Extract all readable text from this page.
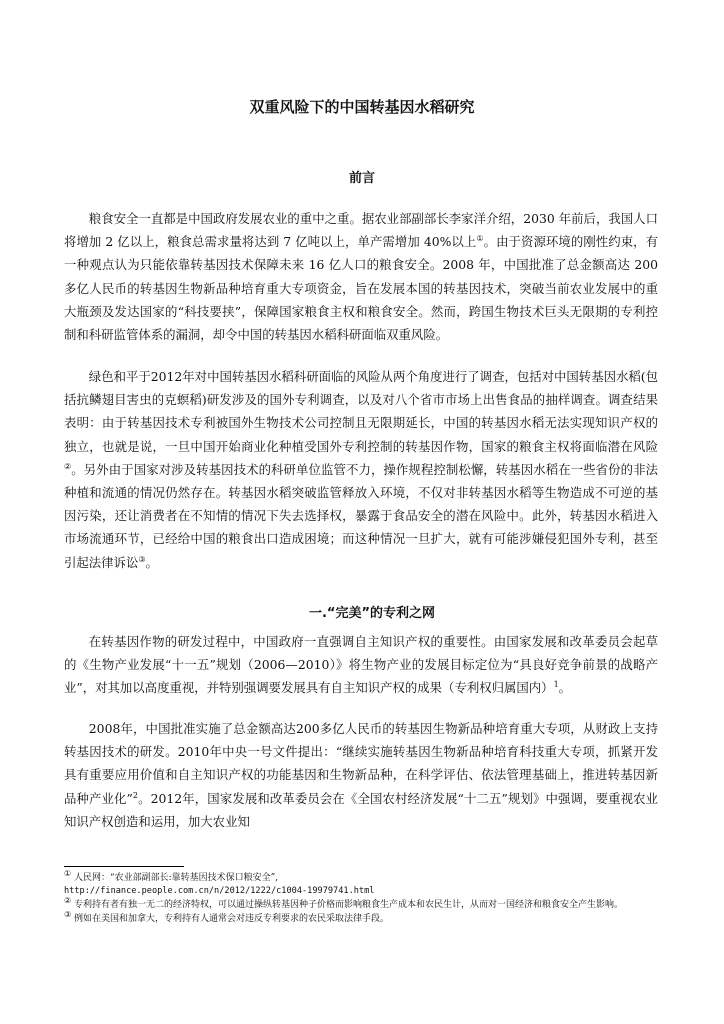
双重风险下的中国转基因水稻研究
前言

粮食安全一直都是中国政府发展农业的重中之重。据农业部副部长李家洋介绍，2030 年前后，我国人口将增加 2 亿以上，粮食总需求量将达到 7 亿吨以上，单产需增加 40%以上①。由于资源环境的刚性约束，有一种观点认为只能依靠转基因技术保障未来 16 亿人口的粮食安全。2008 年，中国批准了总金额高达 200 多亿人民币的转基因生物新品种培育重大专项资金，旨在发展本国的转基因技术，突破当前农业发展中的重大瓶颈及发达国家的“科技要挟”，保障国家粮食主权和粮食安全。然而，跨国生物技术巨头无限期的专利控制和科研监管体系的漏洞，却令中国的转基因水稻科研面临双重风险。

绿色和平于2012年对中国转基因水稻科研面临的风险从两个角度进行了调查，包括对中国转基因水稻(包括抗鳞翅目害虫的克螟稻)研发涉及的国外专利调查，以及对八个省市市场上出售食品的抽样调查。调查结果表明：由于转基因技术专利被国外生物技术公司控制且无限期延长，中国的转基因水稻无法实现知识产权的独立，也就是说，一旦中国开始商业化种植受国外专利控制的转基因作物，国家的粮食主权将面临潜在风险②。另外由于国家对涉及转基因技术的科研单位监管不力，操作规程控制松懈，转基因水稻在一些省份的非法种植和流通的情况仍然存在。转基因水稻突破监管释放入环境，不仅对非转基因水稻等生物造成不可逆的基因污染，还让消费者在不知情的情况下失去选择权，暴露于食品安全的潜在风险中。此外，转基因水稻进入市场流通环节，已经给中国的粮食出口造成困境；而这种情况一旦扩大，就有可能涉嫌侵犯国外专利，甚至引起法律诉讼③。

一.“完美”的专利之网

在转基因作物的研发过程中，中国政府一直强调自主知识产权的重要性。由国家发展和改革委员会起草的《生物产业发展“十一五”规划（2006—2010）》将生物产业的发展目标定位为“具良好竞争前景的战略产业”，对其加以高度重视，并特别强调要发展具有自主知识产权的成果（专利权归属国内）$^1$。

2008年，中国批准实施了总金额高达200多亿人民币的转基因生物新品种培育重大专项，从财政上支持转基因技术的研发。2010年中央一号文件提出：“继续实施转基因生物新品种培育科技重大专项，抓紧开发具有重要应用价值和自主知识产权的功能基因和生物新品种，在科学评估、依法管理基础上，推进转基因新品种产业化”$^2$。2012年，国家发展和改革委员会在《全国农村经济发展“十二五”规划》中强调，要重视农业知识产权创造和运用，加大农业知

① 人民网：“农业部副部长:靠转基因技术保口粮安全”,
http://finance.people.com.cn/n/2012/1222/c1004-19979741.html

② 专利持有者有独一无二的经济特权，可以通过操纵转基因种子价格而影响粮食生产成本和农民生计，从而对一国经济和粮食安全产生影响。

③ 例如在美国和加拿大，专利持有人通常会对违反专利要求的农民采取法律手段。
